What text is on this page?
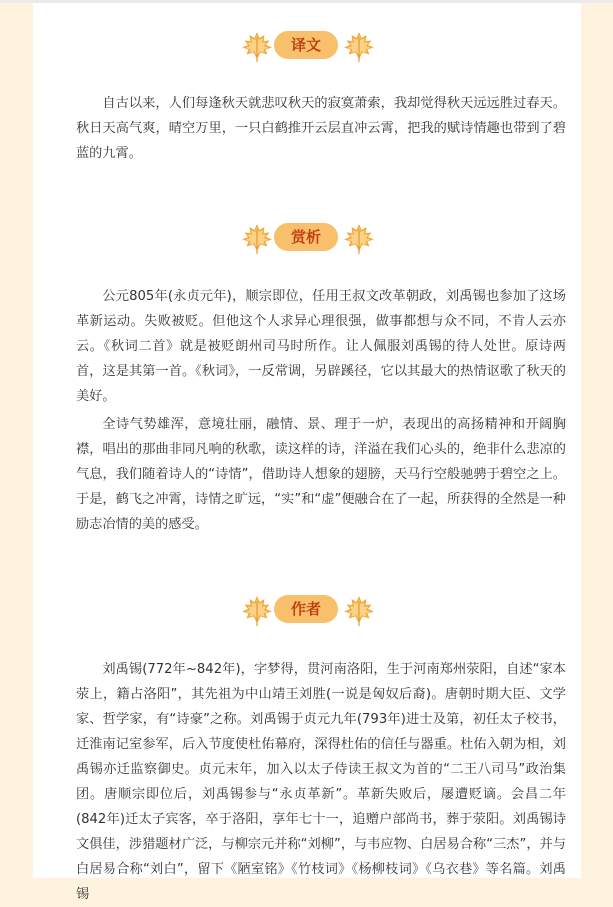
译文

自古以来，人们每逢秋天就悲叹秋天的寂寞萧索，我却觉得秋天远远胜过春天。秋日天高气爽，晴空万里，一只白鹤推开云层直冲云霄，把我的赋诗情趣也带到了碧蓝的九霄。

赏析

公元805年(永贞元年)，顺宗即位，任用王叔文改革朝政，刘禹锡也参加了这场革新运动。失败被贬。但他这个人求异心理很强，做事都想与众不同，不肯人云亦云。《秋词二首》就是被贬朗州司马时所作。让人佩服刘禹锡的待人处世。原诗两首，这是其第一首。《秋词》，一反常调，另辟蹊径，它以其最大的热情讴歌了秋天的美好。

全诗气势雄浑，意境壮丽，融情、景、理于一炉，表现出的高扬精神和开阔胸襟，唱出的那曲非同凡响的秋歌，读这样的诗，洋溢在我们心头的，绝非什么悲凉的气息，我们随着诗人的“诗情”，借助诗人想象的翅膀，天马行空般驰骋于碧空之上。于是，鹤飞之冲霄，诗情之旷远，“实”和“虚”便融合在了一起，所获得的全然是一种励志冶情的美的感受。

作者

刘禹锡(772年~842年)，字梦得，贯河南洛阳，生于河南郑州荥阳，自述“家本荥上，籍占洛阳”，其先祖为中山靖王刘胜(一说是匈奴后裔)。唐朝时期大臣、文学家、哲学家，有“诗豪”之称。刘禹锡于贞元九年(793年)进士及第，初任太子校书，迁淮南记室参军，后入节度使杜佑幕府，深得杜佑的信任与器重。杜佑入朝为相，刘禹锡亦迁监察御史。贞元末年，加入以太子侍读王叔文为首的“二王八司马”政治集团。唐顺宗即位后，刘禹锡参与“永贞革新”。革新失败后，屡遭贬谪。会昌二年(842年)迁太子宾客，卒于洛阳，享年七十一，追赠户部尚书，葬于荥阳。刘禹锡诗文俱佳，涉猎题材广泛，与柳宗元并称“刘柳”，与韦应物、白居易合称“三杰”，并与白居易合称“刘白”，留下《陋室铭》《竹枝词》《杨柳枝词》《乌衣巷》等名篇。刘禹锡
